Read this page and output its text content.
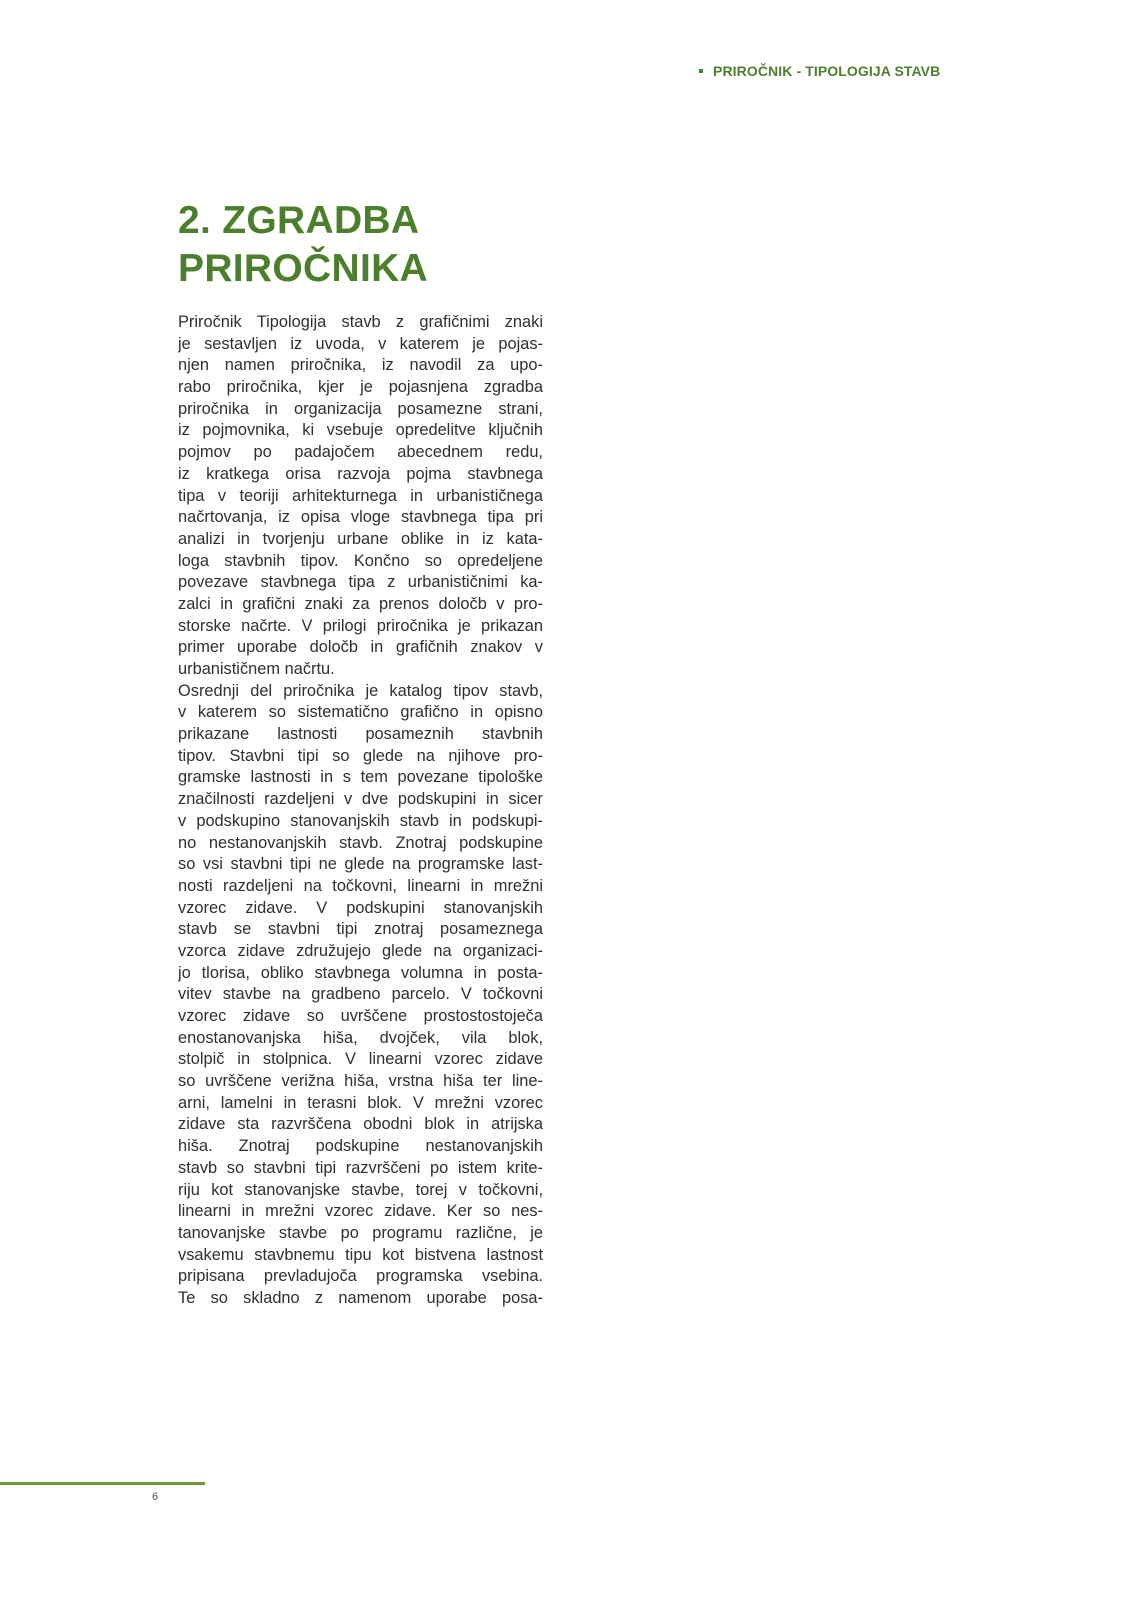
PRIROČNIK - TIPOLOGIJA STAVB
2. ZGRADBA
PRIROČNIKA
Priročnik Tipologija stavb z grafičnimi znaki
je sestavljen iz uvoda, v katerem je pojas-
njen namen priročnika, iz navodil za upo-
rabo priročnika, kjer je pojasnjena zgradba
priročnika in organizacija posamezne strani,
iz pojmovnika, ki vsebuje opredelitve ključnih
pojmov po padajočem abecednem redu,
iz kratkega orisa razvoja pojma stavbnega
tipa v teoriji arhitekturnega in urbanističnega
načrtovanja, iz opisa vloge stavbnega tipa pri
analizi in tvorjenju urbane oblike in iz kata-
loga stavbnih tipov. Končno so opredeljene
povezave stavbnega tipa z urbanističnimi ka-
zalci in grafični znaki za prenos določb v pro-
storske načrte. V prilogi priročnika je prikazan
primer uporabe določb in grafičnih znakov v
urbanističnem načrtu.
Osrednji del priročnika je katalog tipov stavb,
v katerem so sistematično grafično in opisno
prikazane lastnosti posameznih stavbnih
tipov. Stavbni tipi so glede na njihove pro-
gramske lastnosti in s tem povezane tipološke
značilnosti razdeljeni v dve podskupini in sicer
v podskupino stanovanjskih stavb in podskupi-
no nestanovanjskih stavb. Znotraj podskupine
so vsi stavbni tipi ne glede na programske last-
nosti razdeljeni na točkovni, linearni in mrežni
vzorec zidave. V podskupini stanovanjskih
stavb se stavbni tipi znotraj posameznega
vzorca zidave združujejo glede na organizaci-
jo tlorisa, obliko stavbnega volumna in posta-
vitev stavbe na gradbeno parcelo. V točkovni
vzorec zidave so uvrščene prostostostoječa
enostanovanjska hiša, dvojček, vila blok,
stolpič in stolpnica. V linearni vzorec zidave
so uvrščene verižna hiša, vrstna hiša ter line-
arni, lamelni in terasni blok. V mrežni vzorec
zidave sta razvrščena obodni blok in atrijska
hiša. Znotraj podskupine nestanovanjskih
stavb so stavbni tipi razvrščeni po istem krite-
riju kot stanovanjske stavbe, torej v točkovni,
linearni in mrežni vzorec zidave. Ker so nes-
tanovanjske stavbe po programu različne, je
vsakemu stavbnemu tipu kot bistvena lastnost
pripisana prevladujoča programska vsebina.
Te so skladno z namenom uporabe posa-
6
